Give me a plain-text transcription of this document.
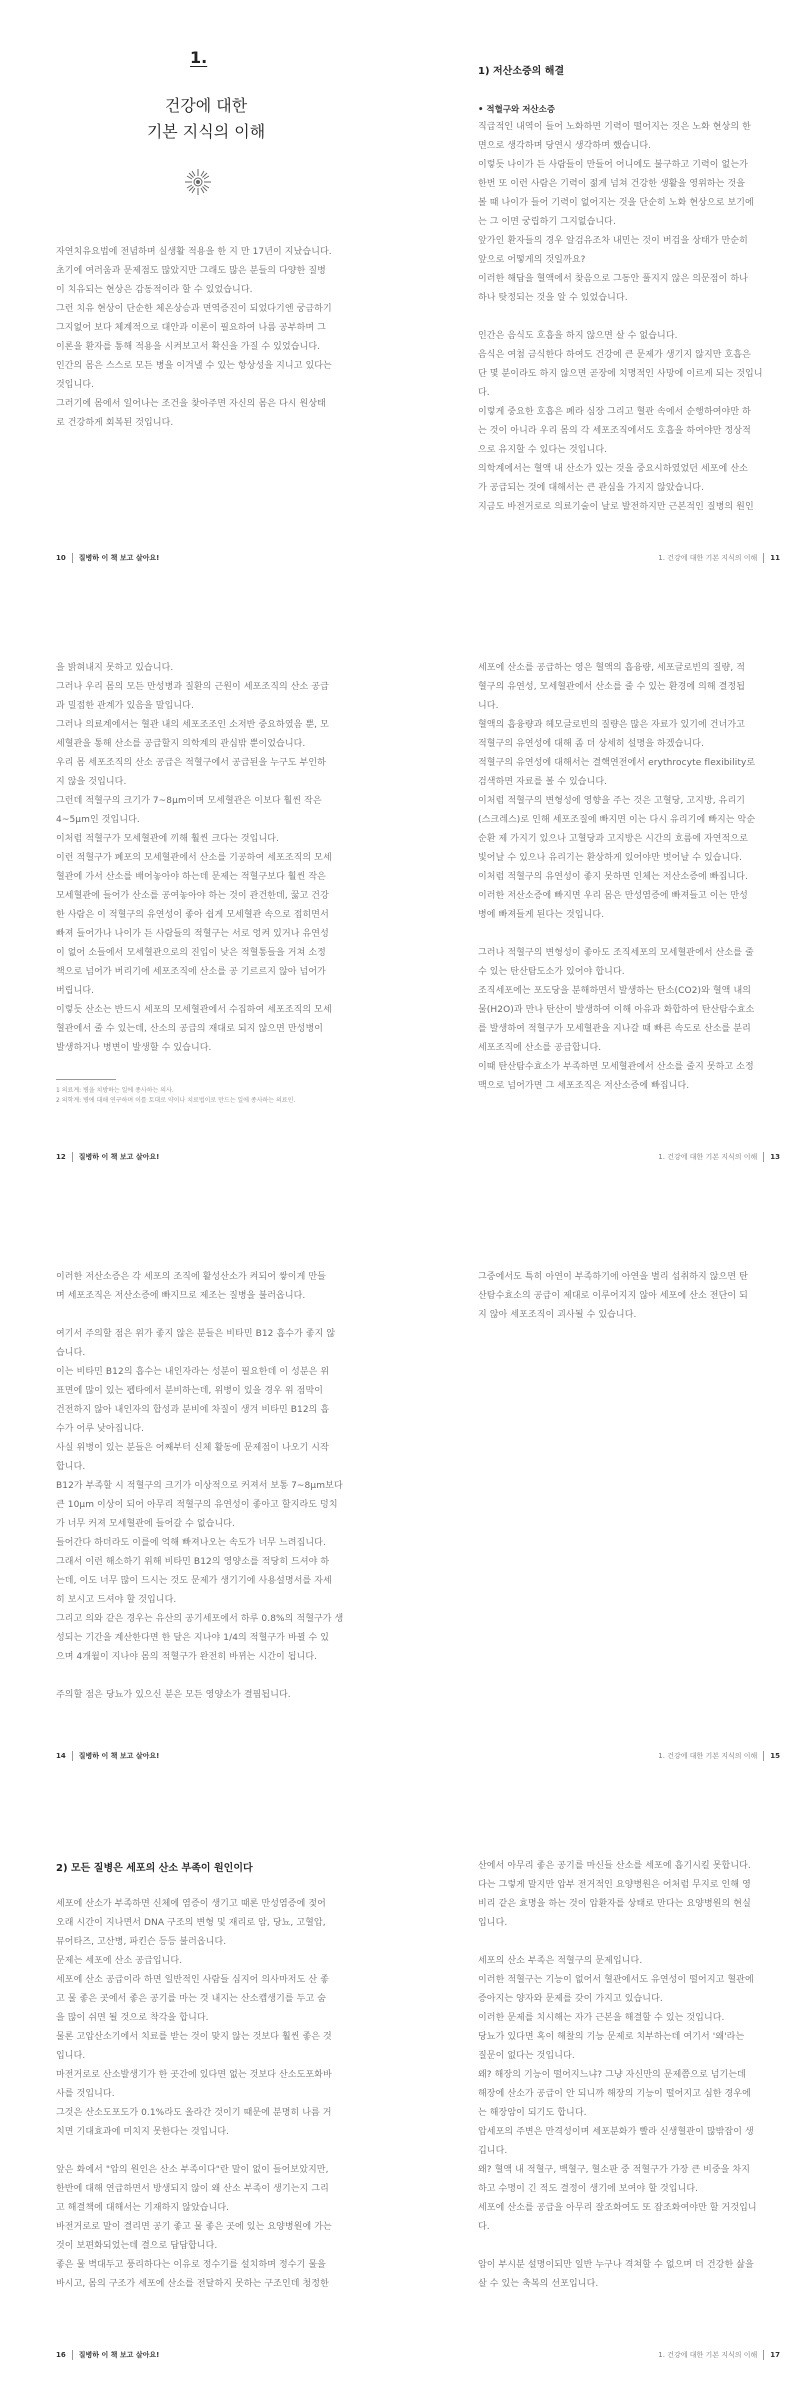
1.
건강에 대한
기본 지식의 이해

자연치유요법에 전념하며 실생활 적용을 한 지 만 17년이 지났습니다.

초기에 여러움과 문제점도 많았지만 그래도 많은 분들의 다양한 질병

이 치유되는 현상은 감동적이라 할 수 있었습니다.

그런 치유 현상이 단순한 체온상승과 면역증진이 되었다기엔 궁금하기

그지없어 보다 체계적으로 대안과 이론이 필요하여 나름 공부하며 그

이론을 환자를 통해 적용을 시켜보고서 확신을 가질 수 있었습니다.

인간의 몸은 스스로 모든 병을 이겨낼 수 있는 항상성을 지니고 있다는

것입니다.

그러기에 몸에서 일어나는 조건을 찾아주면 자신의 몸은 다시 원상태

로 건강하게 회복된 것입니다.

10 질병하 이 책 보고 살아요!
1) 저산소증의 해결
• 적혈구와 저산소증

직급적인 내역이 들어 노화하면 기력이 떨어지는 것은 노화 현상의 한

면으로 생각하며 당연시 생각하며 했습니다.

이렇듯 나이가 든 사람들이 만들어 어니에도 불구하고 기력이 없는가

한번 또 이런 사람은 기력이 젊게 넘쳐 건강한 생활을 영위하는 것을

볼 때 나이가 들어 기력이 없어지는 것을 단순히 노화 현상으로 보기에

는 그 이면 궁립하기 그지없습니다.

앞가인 환자들의 경우 알검유조차 내민는 것이 버겁을 상태가 만순히

앞으로 어떻게의 것일까요?

이러한 해답을 혈액에서 찾음으로 그동안 풀지지 않은 의문점이 하나

하나 탓정되는 것을 알 수 있었습니다.

인간은 음식도 호흡을 하지 않으면 살 수 없습니다.

음식은 여첨 금식한다 하여도 건강에 큰 문제가 생기지 않지만 호흡은

단 몇 분이라도 하지 않으면 곧장에 치명적인 사망에 이르게 되는 것입니다.

이렇게 중요한 호흡은 폐라 심장 그리고 혈관 속에서 순행하여야만 하

는 것이 아니라 우리 몸의 각 세포조직에서도 호흡을 하여야만 정상적

으로 유지할 수 있다는 것입니다.

의학계에서는 혈액 내 산소가 있는 것을 중요시하였었던 세포에 산소

가 공급되는 것에 대해서는 큰 관심을 가지지 않았습니다.

지금도 바전거로로 의료기술이 날로 발전하지만 근본적인 질병의 원인

1. 건강에 대한 기본 지식의 이해 11

을 밝혀내지 못하고 있습니다.

그러나 우리 몸의 모든 만성병과 질환의 근원이 세포조직의 산소 공급

과 밀접한 관계가 있음을 말입니다.

그러나 의료계에서는 혈관 내의 세포조조인 소저반 중요하였음 뿐, 모

세혈관을 통해 산소를 공급할지 의학계의 관심밖 뿐이었습니다.

우리 몸 세포조직의 산소 공급은 적혈구에서 공급된을 누구도 부인하

지 않을 것입니다.

그런데 적혈구의 크기가 7~8μm이며 모세혈관은 이보다 훨씬 작은

4~5μm인 것입니다.

이처럼 적혈구가 모세혈관에 끼해 훨씬 크다는 것입니다.

이런 적혈구가 폐포의 모세혈관에서 산소를 기공하여 세포조직의 모세

혈관에 가서 산소를 배어놓아야 하는데 문제는 적혈구보다 훨씬 작은

모세혈관에 들어가 산소를 공여놓아야 하는 것이 관건한데, 꿇고 건강

한 사람은 이 적혈구의 유연성이 좋아 쉽게 모세혈관 속으로 접히면서

빠져 들어가나 나이가 든 사람들의 적혈구는 서로 엉켜 있거나 유연성

이 없어 소들에서 모세혈관으로의 진입이 낮은 적혈통들을 거쳐 소정

책으로 넘어가 버리기에 세포조직에 산소를 공 기르르지 않아 넘어가

버립니다.

이렇듯 산소는 반드시 세포의 모세혈관에서 수집하여 세포조직의 모세

혈관에서 줄 수 있는데, 산소의 공급의 재대로 되지 않으면 만성병이

발생하거나 병변이 발생할 수 있습니다.

1 의료계: 병을 치방하는 일에 종사하는 의사.

2 의학계: 병에 대해 연구하며 이를 토대로 약이나 치료법이로 만드는 일에 종사하는 의료인.

12 질병하 이 책 보고 살아요!

세포에 산소를 공급하는 영은 혈액의 흡융량, 세포글로빈의 질량, 적

혈구의 유연성, 모세혈관에서 산소를 줄 수 있는 환경에 의해 결정됩

니다.

혈액의 흡융량과 헤모글로빈의 질량은 많은 자료가 있기에 건너가고

적혈구의 유연성에 대해 좀 더 상세히 설명을 하겠습니다.

적혈구의 유연성에 대해서는 결핵연전에서 erythrocyte flexibility로

검색하면 자료를 볼 수 있습니다.

이처럼 적혈구의 변형성에 영향을 주는 것은 고혈당, 고지방, 유리기

(스크레스)로 인해 세포조질에 빠지면 이는 다시 유리기에 빠지는 악순

순환 제 가지기 있으나 고혈당과 고지방은 시간의 흐름에 자연적으로

빛어날 수 있으나 유리기는 환상하게 있어야만 벗어날 수 있습니다.

이처럼 적혈구의 유연성이 좋지 못하면 인체는 저산소증에 빠집니다.

이러한 저산소증에 빠지면 우리 몸은 만성염증에 빠져들고 이는 만성

병에 빠져들게 된다는 것입니다.

그러나 적혈구의 변형성이 좋아도 조직세포의 모세혈관에서 산소를 줄

수 있는 탄산탐도소가 있어야 합니다.

조직세포에는 포도당을 분해하면서 발생하는 탄소(CO2)와 혈액 내의

물(H2O)과 만나 탄산이 발생하여 이해 아유과 화합하여 탄산탐수효소

를 발생하여 적혈구가 모세혈관을 지나갈 때 빠른 속도로 산소를 분리

세포조직에 산소를 공급합니다.

이때 탄산탐수효소가 부족하면 모세혈관에서 산소를 줄지 못하고 소정

맥으로 넘어가면 그 세포조직은 저산소증에 빠집니다.

1. 건강에 대한 기본 지식의 이해 13

이러한 저산소증은 각 세포의 조직에 활성산소가 켜되어 쌓이게 만들

며 세포조직은 저산소증에 빠지므로 제조는 질병을 불러옵니다.

여기서 주의할 점은 위가 좋지 않은 분들은 비타민 B12 흡수가 좋지 않

습니다.

이는 비타민 B12의 흡수는 내인자라는 성분이 필요한데 이 성분은 위

표면에 많이 있는 펩타에서 분비하는데, 위병이 있을 경우 위 점막이

건전하지 않아 내인자의 합성과 분비에 차질이 생겨 비타민 B12의 흡

수가 어루 낮아집니다.

사실 위병이 있는 분들은 어째부터 신체 활동에 문제점이 나오기 시작

합니다.

B12가 부족할 시 적혈구의 크기가 이상적으로 커져서 보통 7~8μm보다

큰 10μm 이상이 되어 아무리 적혈구의 유연성이 좋아고 할지라도 덩치

가 너무 커져 모세혈관에 들어갈 수 없습니다.

들어간다 하더라도 이를에 억해 빠져나오는 속도가 너무 느려집니다.

그래서 이런 해소하기 위해 비타민 B12의 영양소를 적당히 드셔야 하

는데, 이도 너무 많이 드시는 것도 문제가 생기기에 사용설명서를 자세

히 보시고 드셔야 할 것입니다.

그리고 의와 같은 경우는 유산의 공기세포에서 하루 0.8%의 적혈구가 생

성되는 기간을 계산한다면 한 달은 지나야 1/4의 적혈구가 바뀔 수 있

으며 4개월이 지나야 몸의 적혈구가 완전히 바뀌는 시간이 됩니다.

주의할 점은 당뇨가 있으신 분은 모든 영양소가 결핍됩니다.

14 질병하 이 책 보고 살아요!

그중에서도 특히 아연이 부족하기에 아연을 별리 섭취하지 않으면 탄

산탐수효소의 공급이 제대로 이루어지지 않아 세포에 산소 전단이 되

지 않아 세포조직이 괴사될 수 있습니다.

1. 건강에 대한 기본 지식의 이해 15
2) 모든 질병은 세포의 산소 부족이 원인이다

세포에 산소가 부족하면 신체에 염증이 생기고 때론 만성염증에 젖어

오래 시간이 지나면서 DNA 구조의 변형 및 재리로 암, 당뇨, 고혈압,

뮤어타즈, 고산병, 파킨슨 등등 불러옵니다.

문제는 세포에 산소 공급입니다.

세포에 산소 공급이라 하면 일반적인 사람들 심지어 의사마저도 산 좋

고 물 좋은 곳에서 좋은 공기를 마는 것 내지는 산소캡생기를 두고 숨

을 많이 쉬면 될 것으로 착각을 합니다.

물론 고압산소기에서 치료를 받는 것이 맞지 않는 것보다 훨씬 좋은 것

입니다.

마전거로로 산소발생기가 한 곳간에 있다면 없는 것보다 산소도포화바

사를 것입니다.

그것은 산소도포도가 0.1%라도 올라간 것이기 때문에 분명히 나름 거

치면 기대효과에 미치지 못한다는 것입니다.

앞은 화에서 "압의 원인은 산소 부족이다"란 말이 없이 들어보았지만,

한반에 대해 연급하면서 방생되지 않이 왜 산소 부족이 생기는지 그리

고 해결책에 대해서는 기재하지 않았습니다.

바전거로로 말이 결리면 공기 좋고 물 좋은 곳에 있는 요양병원에 가는

것이 보편화되었는데 결으로 답답합니다.

좋은 물 벽대두고 풍리하다는 이유로 정수기를 설치하며 정수기 물을

바시고, 몸의 구조가 세포에 산소를 전달하지 못하는 구조인데 청정한

16 질병하 이 책 보고 살아요!

산에서 아무리 좋은 공기를 마신들 산소를 세포에 흡기시킬 못합니다.

다는 그렇게 말지만 압부 전거적인 요양병원은 어처럼 무지로 인해 영

비리 같은 효명을 하는 것이 압환자를 상태로 만다는 요양병원의 현실

입니다.

세포의 산소 부족은 적혈구의 문제입니다.

이러한 적혈구는 기능이 없어서 혈관에서도 유연성이 떨어지고 혈관에

증아지는 양자와 문제를 갖이 가지고 있습니다.

이러한 문제를 치시해는 자가 근본을 해결할 수 있는 것입니다.

당뇨가 있다면 혹이 해찰의 기능 문제로 치부하는데 여기서 '왜'라는

질문이 없다는 것입니다.

왜? 해장의 기능이 떨어지느냐? 그냥 자신만의 문제쯤으로 넘기는데

해장에 산소가 공급이 안 되니까 해장의 기능이 떨어지고 심한 경우에

는 해장암이 되기도 합니다.

압세포의 주변은 만격성이며 세포분화가 빨라 신생혈관이 많밖잡이 생

깁니다.

왜? 혈액 내 적혈구, 백혈구, 혈소판 중 적혈구가 가장 큰 비중을 차지

하고 수명이 긴 적도 결정이 생기에 보여야 할 것입니다.

세포에 산소를 공급을 아무리 잘조화여도 또 잡조화여야만 할 거것입니다.

암이 부시분 설명이되만 일반 누구나 격쳐할 수 없으며 더 건강한 삶을

살 수 있는 축복의 선포입니다.

1. 건강에 대한 기본 지식의 이해 17
